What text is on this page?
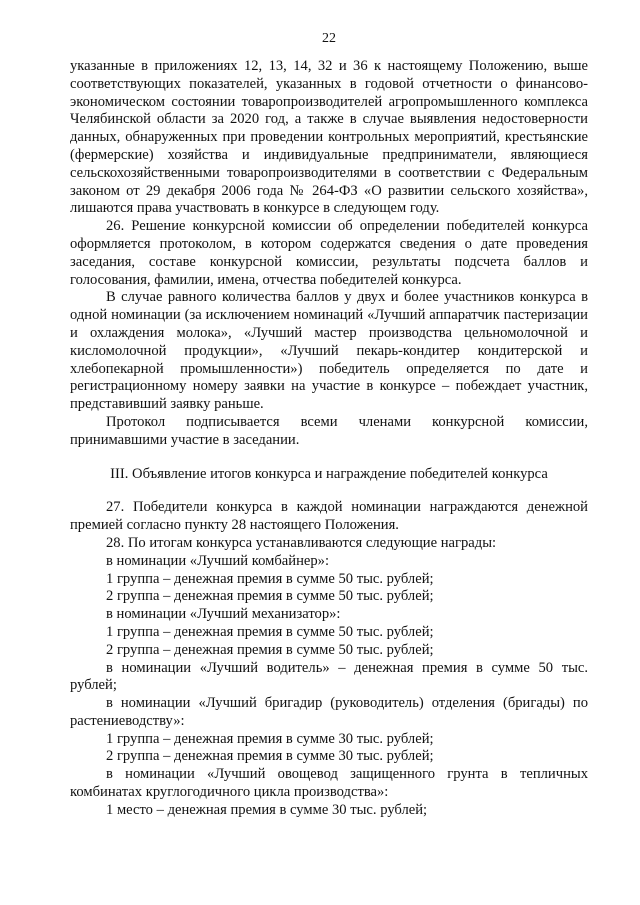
22

указанные в приложениях 12, 13, 14, 32 и 36 к настоящему Положению, выше соответствующих показателей, указанных в годовой отчетности о финансово-экономическом состоянии товаропроизводителей агропромышленного комплекса Челябинской области за 2020 год, а также в случае выявления недостоверности данных, обнаруженных при проведении контрольных мероприятий, крестьянские (фермерские) хозяйства и индивидуальные предприниматели, являющиеся сельскохозяйственными товаропроизводителями в соответствии с Федеральным законом от 29 декабря 2006 года № 264-ФЗ «О развитии сельского хозяйства», лишаются права участвовать в конкурсе в следующем году.

26. Решение конкурсной комиссии об определении победителей конкурса оформляется протоколом, в котором содержатся сведения о дате проведения заседания, составе конкурсной комиссии, результаты подсчета баллов и голосования, фамилии, имена, отчества победителей конкурса.

В случае равного количества баллов у двух и более участников конкурса в одной номинации (за исключением номинаций «Лучший аппаратчик пастеризации и охлаждения молока», «Лучший мастер производства цельномолочной и кисломолочной продукции», «Лучший пекарь-кондитер кондитерской и хлебопекарной промышленности») победитель определяется по дате и регистрационному номеру заявки на участие в конкурсе – побеждает участник, представивший заявку раньше.

Протокол подписывается всеми членами конкурсной комиссии, принимавшими участие в заседании.

III. Объявление итогов конкурса и награждение победителей конкурса

27. Победители конкурса в каждой номинации награждаются денежной премией согласно пункту 28 настоящего Положения.

28. По итогам конкурса устанавливаются следующие награды:

в номинации «Лучший комбайнер»:

1 группа – денежная премия в сумме 50 тыс. рублей;

2 группа – денежная премия в сумме 50 тыс. рублей;

в номинации «Лучший механизатор»:

1 группа – денежная премия в сумме 50 тыс. рублей;

2 группа – денежная премия в сумме 50 тыс. рублей;

в номинации «Лучший водитель» – денежная премия в сумме 50 тыс. рублей;

в номинации «Лучший бригадир (руководитель) отделения (бригады) по растениеводству»:

1 группа – денежная премия в сумме 30 тыс. рублей;

2 группа – денежная премия в сумме 30 тыс. рублей;

в номинации «Лучший овощевод защищенного грунта в тепличных комбинатах круглогодичного цикла производства»:

1 место – денежная премия в сумме 30 тыс. рублей;
